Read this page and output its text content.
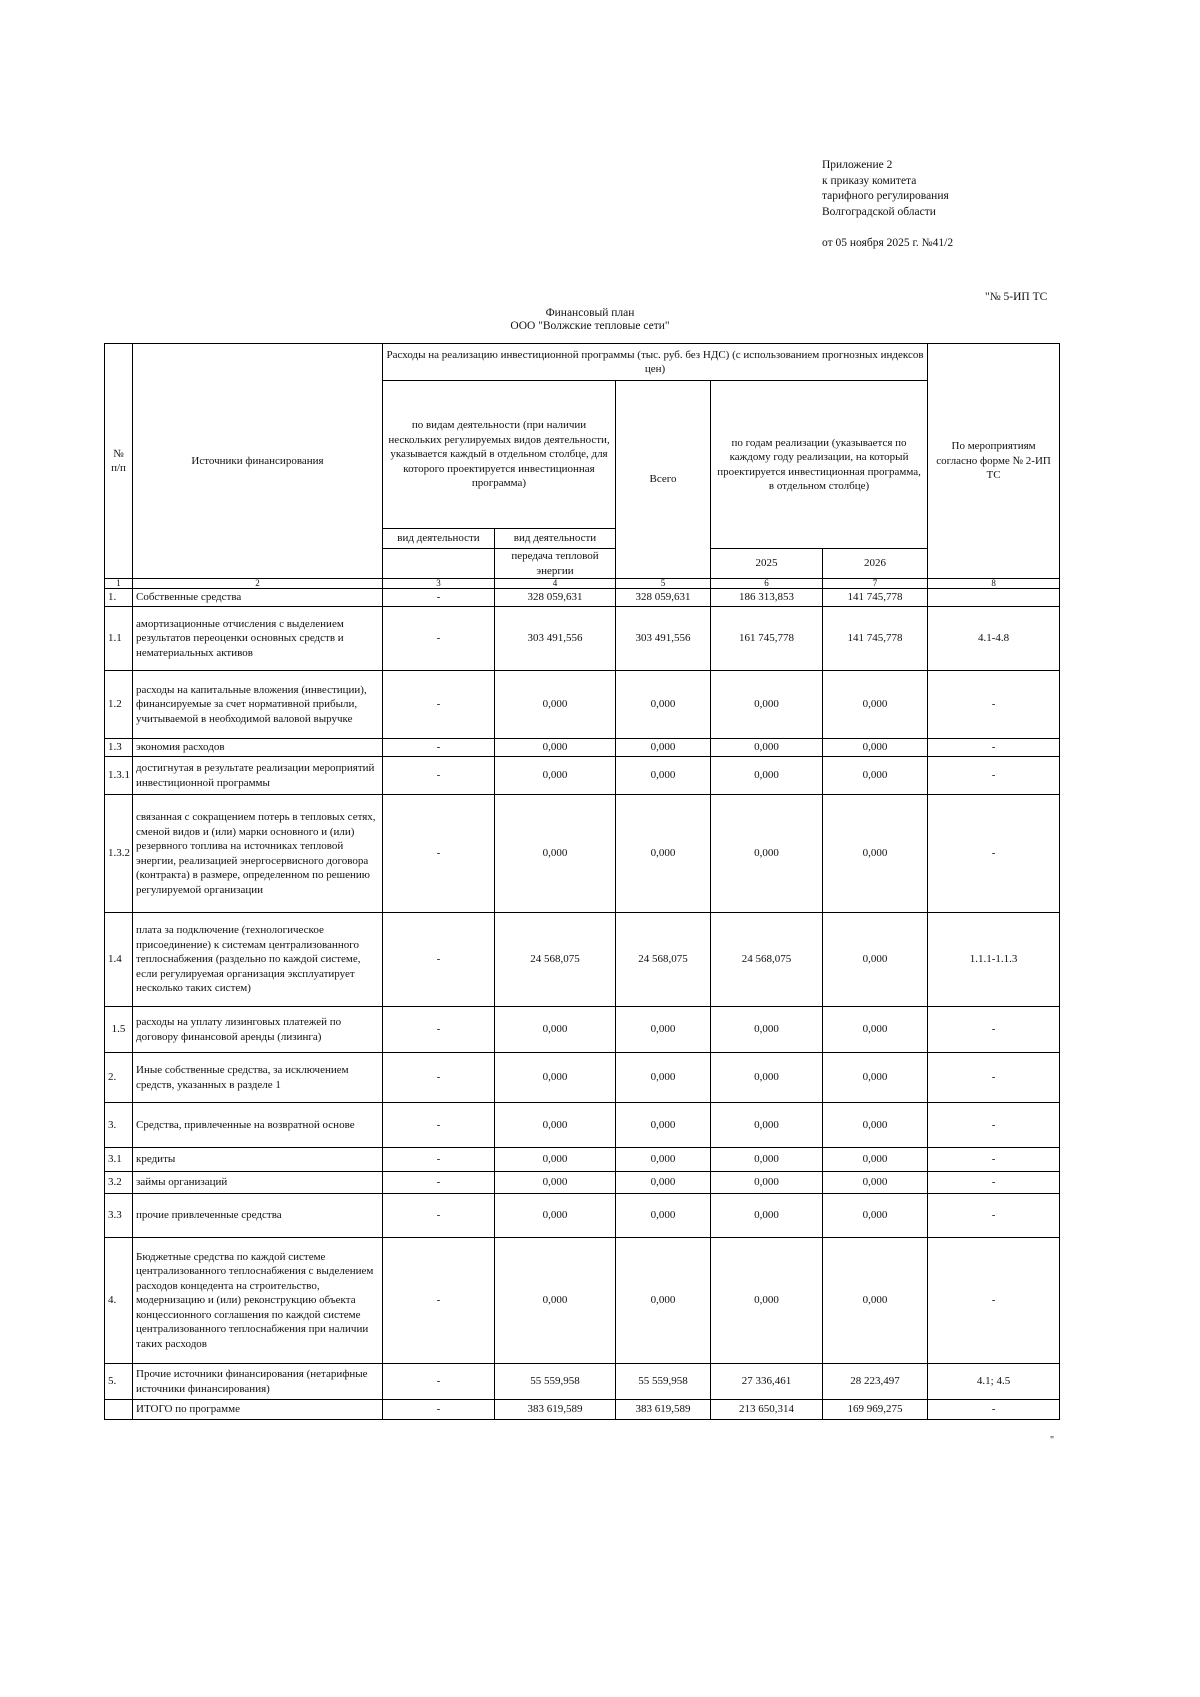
Приложение 2
к приказу комитета
тарифного регулирования
Волгоградской области
от 05 ноября 2025 г. №41/2
"№ 5-ИП ТС
Финансовый план
ООО "Волжские тепловые сети"
№ п/п	Источники финансирования	Расходы на реализацию инвестиционной программы (тыс. руб. без НДС) (с использованием прогнозных индексов цен)					По мероприятиям согласно форме № 2-ИП ТС
		по видам деятельности (при наличии нескольких регулируемых видов деятельности, указывается каждый в отдельном столбце, для которого проектируется инвестиционная программа)		Всего	по годам реализации (указывается по каждому году реализации, на который проектируется инвестиционная программа, в отдельном столбце)		
		вид деятельности	вид деятельности				
			передача тепловой энергии		2025	2026	

1	2	3	4	5	6	7	8
1.	Собственные средства	-	328 059,631	328 059,631	186 313,853	141 745,778	
1.1	амортизационные отчисления с выделением результатов переоценки основных средств и нематериальных активов	-	303 491,556	303 491,556	161 745,778	141 745,778	4.1-4.8
1.2	расходы на капитальные вложения (инвестиции), финансируемые за счет нормативной прибыли, учитываемой в необходимой валовой выручке	-	0,000	0,000	0,000	0,000	-
1.3	экономия расходов	-	0,000	0,000	0,000	0,000	-
1.3.1	достигнутая в результате реализации мероприятий инвестиционной программы	-	0,000	0,000	0,000	0,000	-
1.3.2	связанная с сокращением потерь в тепловых сетях, сменой видов и (или) марки основного и (или) резервного топлива на источниках тепловой энергии, реализацией энергосервисного договора (контракта) в размере, определенном по решению регулируемой организации	-	0,000	0,000	0,000	0,000	-
1.4	плата за подключение (технологическое присоединение) к системам централизованного теплоснабжения (раздельно по каждой системе, если регулируемая организация эксплуатирует несколько таких систем)	-	24 568,075	24 568,075	24 568,075	0,000	1.1.1-1.1.3
1.5	расходы на уплату лизинговых платежей по договору финансовой аренды (лизинга)	-	0,000	0,000	0,000	0,000	-
2.	Иные собственные средства, за исключением средств, указанных в разделе 1	-	0,000	0,000	0,000	0,000	-
3.	Средства, привлеченные на возвратной основе	-	0,000	0,000	0,000	0,000	-
3.1	кредиты	-	0,000	0,000	0,000	0,000	-
3.2	займы организаций	-	0,000	0,000	0,000	0,000	-
3.3	прочие привлеченные средства	-	0,000	0,000	0,000	0,000	-
4.	Бюджетные средства по каждой системе централизованного теплоснабжения с выделением расходов концедента на строительство, модернизацию и (или) реконструкцию объекта концессионного соглашения по каждой системе централизованного теплоснабжения при наличии таких расходов	-	0,000	0,000	0,000	0,000	-
5.	Прочие источники финансирования (нетарифные источники финансирования)	-	55 559,958	55 559,958	27 336,461	28 223,497	4.1; 4.5
	ИТОГО по программе	-	383 619,589	383 619,589	213 650,314	169 969,275	-
"
